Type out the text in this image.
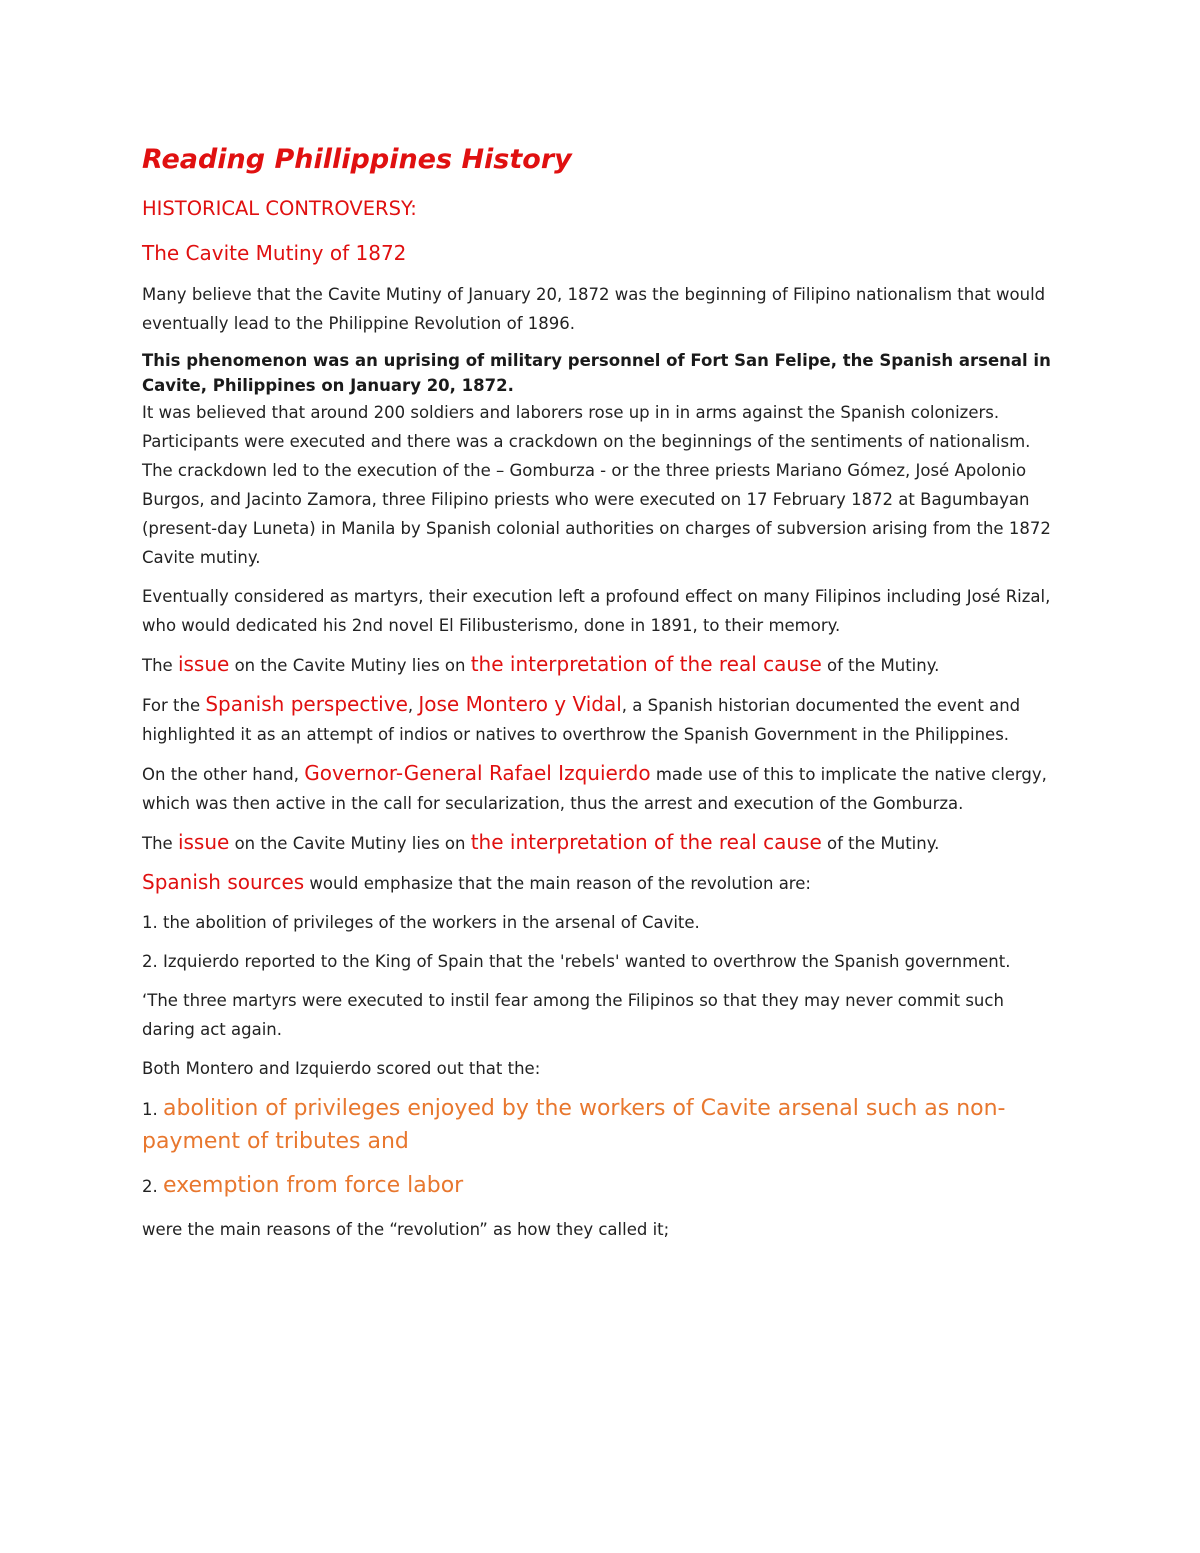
Reading Phillippines History
HISTORICAL CONTROVERSY:
The Cavite Mutiny of 1872

Many believe that the Cavite Mutiny of January 20, 1872 was the beginning of Filipino nationalism that would eventually lead to the Philippine Revolution of 1896.

This phenomenon was an uprising of military personnel of Fort San Felipe, the Spanish arsenal in Cavite, Philippines on January 20, 1872.

It was believed that around 200 soldiers and laborers rose up in in arms against the Spanish colonizers. Participants were executed and there was a crackdown on the beginnings of the sentiments of nationalism.

The crackdown led to the execution of the – Gomburza - or the three priests Mariano Gómez, José Apolonio Burgos, and Jacinto Zamora, three Filipino priests who were executed on 17 February 1872 at Bagumbayan (present-day Luneta) in Manila by Spanish colonial authorities on charges of subversion arising from the 1872 Cavite mutiny.

Eventually considered as martyrs, their execution left a profound effect on many Filipinos including José Rizal, who would dedicated his 2nd novel El Filibusterismo, done in 1891, to their memory.

The issue on the Cavite Mutiny lies on the interpretation of the real cause of the Mutiny.

For the Spanish perspective, Jose Montero y Vidal, a Spanish historian documented the event and highlighted it as an attempt of indios or natives to overthrow the Spanish Government in the Philippines.

On the other hand, Governor-General Rafael Izquierdo made use of this to implicate the native clergy, which was then active in the call for secularization, thus the arrest and execution of the Gomburza.

The issue on the Cavite Mutiny lies on the interpretation of the real cause of the Mutiny.

Spanish sources would emphasize that the main reason of the revolution are:

1. the abolition of privileges of the workers in the arsenal of Cavite.

2. Izquierdo reported to the King of Spain that the 'rebels' wanted to overthrow the Spanish government.

‘The three martyrs were executed to instil fear among the Filipinos so that they may never commit such daring act again.

Both Montero and Izquierdo scored out that the:

1. abolition of privileges enjoyed by the workers of Cavite arsenal such as non-payment of tributes and
2. exemption from force labor

were the main reasons of the “revolution” as how they called it;
